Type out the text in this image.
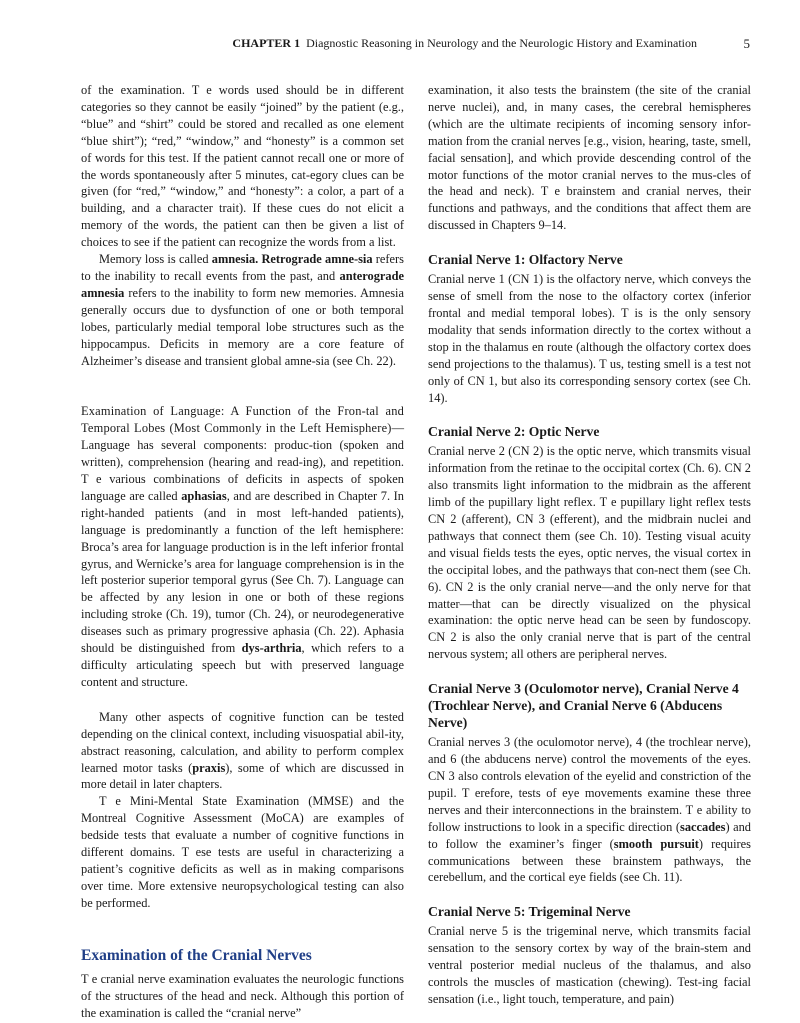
CHAPTER 1 Diagnostic Reasoning in Neurology and the Neurologic History and Examination	5

of the examination. T e words used should be in different categories so they cannot be easily “joined” by the patient (e.g., “blue” and “shirt” could be stored and recalled as one element “blue shirt”); “red,” “window,” and “honesty” is a common set of words for this test. If the patient cannot recall one or more of the words spontaneously after 5 minutes, cat-egory clues can be given (for “red,” “window,” and “honesty”: a color, a part of a building, and a character trait). If these cues do not elicit a memory of the words, the patient can then be given a list of choices to see if the patient can recognize the words from a list.

Memory loss is called amnesia. Retrograde amne-sia refers to the inability to recall events from the past, and anterograde amnesia refers to the inability to form new memories. Amnesia generally occurs due to dysfunction of one or both temporal lobes, particularly medial temporal lobe structures such as the hippocampus. Deficits in memory are a core feature of Alzheimer’s disease and transient global amne-sia (see Ch. 22).

Examination of Language: A Function of the Fron-tal and Temporal Lobes (Most Commonly in the Left Hemisphere)—Language has several components: produc-tion (spoken and written), comprehension (hearing and read-ing), and repetition. T e various combinations of deficits in aspects of spoken language are called aphasias, and are described in Chapter 7. In right-handed patients (and in most left-handed patients), language is predominantly a function of the left hemisphere: Broca’s area for language production is in the left inferior frontal gyrus, and Wernicke’s area for language comprehension is in the left posterior superior temporal gyrus (See Ch. 7). Language can be affected by any lesion in one or both of these regions including stroke (Ch. 19), tumor (Ch. 24), or neurodegenerative diseases such as primary progressive aphasia (Ch. 22). Aphasia should be distinguished from dys-arthria, which refers to a difficulty articulating speech but with preserved language content and structure.

Many other aspects of cognitive function can be tested depending on the clinical context, including visuospatial abil-ity, abstract reasoning, calculation, and ability to perform complex learned motor tasks (praxis), some of which are discussed in more detail in later chapters.

T e Mini-Mental State Examination (MMSE) and the Montreal Cognitive Assessment (MoCA) are examples of bedside tests that evaluate a number of cognitive functions in different domains. T ese tests are useful in characterizing a patient’s cognitive deficits as well as in making comparisons over time. More extensive neuropsychological testing can also be performed.

Examination of the Cranial Nerves

T e cranial nerve examination evaluates the neurologic functions of the structures of the head and neck. Although this portion of the examination is called the “cranial nerve”

examination, it also tests the brainstem (the site of the cranial nerve nuclei), and, in many cases, the cerebral hemispheres (which are the ultimate recipients of incoming sensory infor-mation from the cranial nerves [e.g., vision, hearing, taste, smell, facial sensation], and which provide descending control of the motor functions of the motor cranial nerves to the mus-cles of the head and neck). T e brainstem and cranial nerves, their functions and pathways, and the conditions that affect them are discussed in Chapters 9–14.

Cranial Nerve 1: Olfactory Nerve

Cranial nerve 1 (CN 1) is the olfactory nerve, which conveys the sense of smell from the nose to the olfactory cortex (inferior frontal and medial temporal lobes). T is is the only sensory modality that sends information directly to the cortex without a stop in the thalamus en route (although the olfactory cortex does send projections to the thalamus). T us, testing smell is a test not only of CN 1, but also its corresponding sensory cortex (see Ch. 14).

Cranial Nerve 2: Optic Nerve

Cranial nerve 2 (CN 2) is the optic nerve, which transmits visual information from the retinae to the occipital cortex (Ch. 6). CN 2 also transmits light information to the midbrain as the afferent limb of the pupillary light reflex. T e pupillary light reflex tests CN 2 (afferent), CN 3 (efferent), and the midbrain nuclei and pathways that connect them (see Ch. 10). Testing visual acuity and visual fields tests the eyes, optic nerves, the visual cortex in the occipital lobes, and the pathways that con-nect them (see Ch. 6). CN 2 is the only cranial nerve—and the only nerve for that matter—that can be directly visualized on the physical examination: the optic nerve head can be seen by fundoscopy. CN 2 is also the only cranial nerve that is part of the central nervous system; all others are peripheral nerves.

Cranial Nerve 3 (Oculomotor nerve), Cranial Nerve 4 (Trochlear Nerve), and Cranial Nerve 6 (Abducens Nerve)

Cranial nerves 3 (the oculomotor nerve), 4 (the trochlear nerve), and 6 (the abducens nerve) control the movements of the eyes. CN 3 also controls elevation of the eyelid and constriction of the pupil. T erefore, tests of eye movements examine these three nerves and their interconnections in the brainstem. T e ability to follow instructions to look in a specific direction (saccades) and to follow the examiner’s finger (smooth pursuit) requires communications between these brainstem pathways, the cerebellum, and the cortical eye fields (see Ch. 11).

Cranial Nerve 5: Trigeminal Nerve

Cranial nerve 5 is the trigeminal nerve, which transmits facial sensation to the sensory cortex by way of the brain-stem and ventral posterior medial nucleus of the thalamus, and also controls the muscles of mastication (chewing). Test-ing facial sensation (i.e., light touch, temperature, and pain)
